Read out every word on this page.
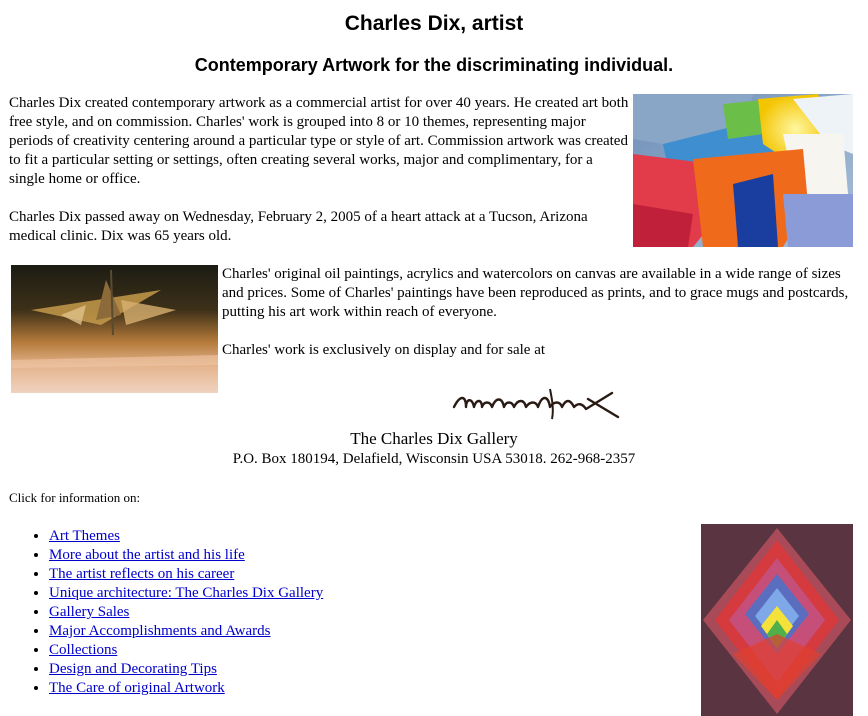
Charles Dix, artist
Contemporary Artwork for the discriminating individual.

Charles Dix created contemporary artwork as a commercial artist for over 40 years. He created art both free style, and on commission. Charles' work is grouped into 8 or 10 themes, representing major periods of creativity centering around a particular type or style of art. Commission artwork was created to fit a particular setting or settings, often creating several works, major and complimentary, for a single home or office.

Charles Dix passed away on Wednesday, February 2, 2005 of a heart attack at a Tucson, Arizona medical clinic. Dix was 65 years old.

Charles' original oil paintings, acrylics and watercolors on canvas are available in a wide range of sizes and prices. Some of Charles' paintings have been reproduced as prints, and to grace mugs and postcards, putting his art work within reach of everyone.

Charles' work is exclusively on display and for sale at

The Charles Dix Gallery
P.O. Box 180194, Delafield, Wisconsin USA 53018. 262-968-2357

Click for information on:

• Art Themes
• More about the artist and his life
• The artist reflects on his career
• Unique architecture: The Charles Dix Gallery
• Gallery Sales
• Major Accomplishments and Awards
• Collections
• Design and Decorating Tips
• The Care of original Artwork
